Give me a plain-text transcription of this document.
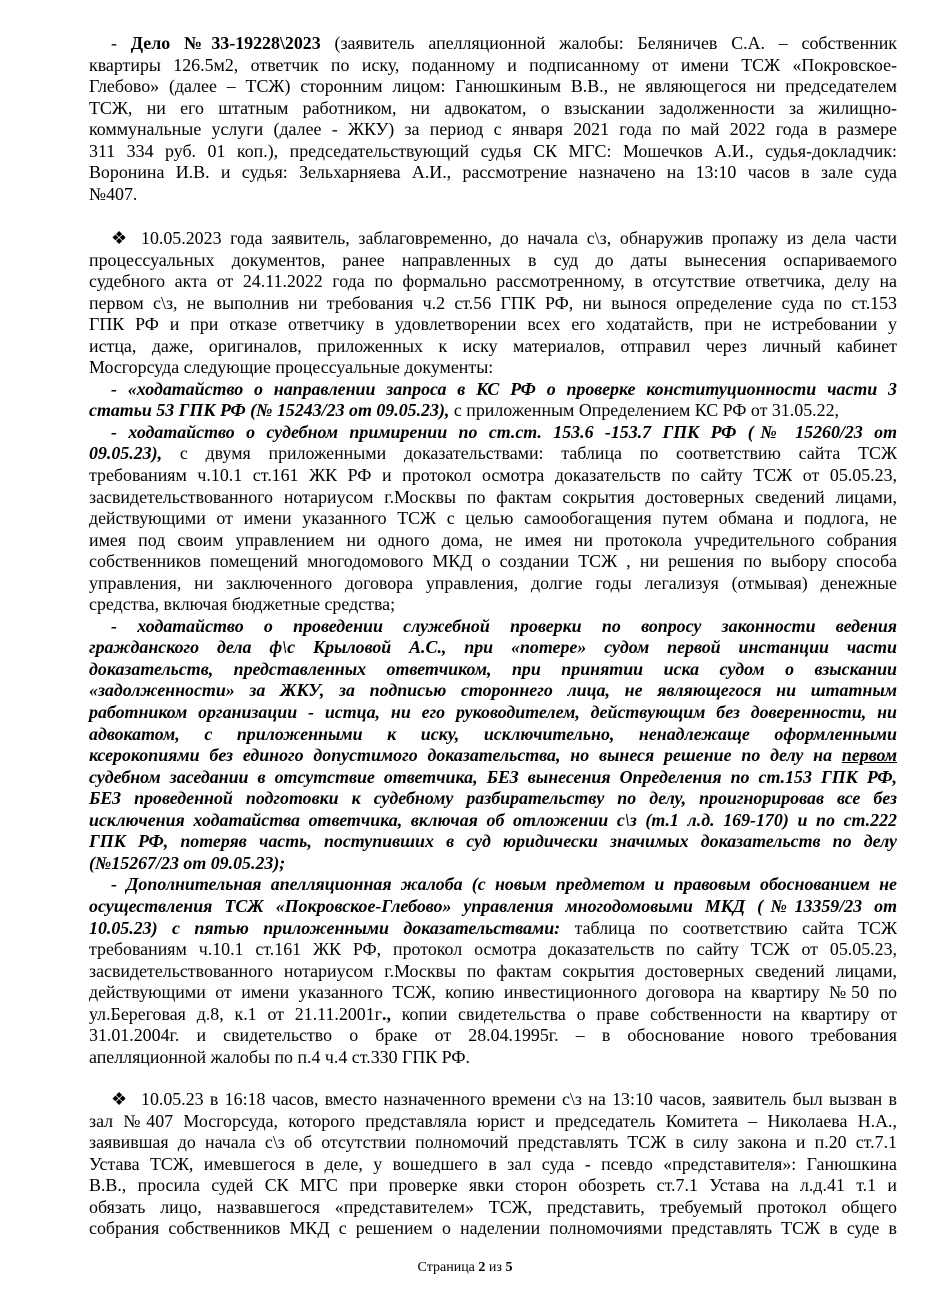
- Дело №33-19228\2023 (заявитель апелляционной жалобы: Беляничев С.А. – собственник
квартиры 126.5м2, ответчик по иску, поданному и подписанному от имени ТСЖ «Покровское-
Глебово» (далее – ТСЖ) сторонним лицом: Ганюшкиным В.В., не являющегося ни председателем
ТСЖ, ни его штатным работником, ни адвокатом, о взыскании задолженности за жилищно-
коммунальные услуги (далее - ЖКУ) за период с января 2021 года по май 2022 года в размере
311 334 руб. 01 коп.), председательствующий судья СК МГС: Мошечков А.И., судья-докладчик:
Воронина И.В. и судья: Зельхарняева А.И., рассмотрение назначено на 13:10 часов в зале суда
№407.
❖ 10.05.2023 года заявитель, заблаговременно, до начала с\з, обнаружив пропажу из дела части
процессуальных документов, ранее направленных в суд до даты вынесения оспариваемого
судебного акта от 24.11.2022 года по формально рассмотренному, в отсутствие ответчика, делу на
первом с\з, не выполнив ни требования ч.2 ст.56 ГПК РФ, ни вынося определение суда по ст.153
ГПК РФ и при отказе ответчику в удовлетворении всех его ходатайств, при не истребовании у
истца, даже, оригиналов, приложенных к иску материалов, отправил через личный кабинет
Мосгорсуда следующие процессуальные документы:
- «ходатайство о направлении запроса в КС РФ о проверке конституционности части 3
статьи 53 ГПК РФ (№ 15243/23 от 09.05.23), с приложенным Определением КС РФ от 31.05.22,
- ходатайство о судебном примирении по ст.ст. 153.6 -153.7 ГПК РФ (№ 15260/23 от
09.05.23), с двумя приложенными доказательствами: таблица по соответствию сайта ТСЖ
требованиям ч.10.1 ст.161 ЖК РФ и протокол осмотра доказательств по сайту ТСЖ от 05.05.23,
засвидетельствованного нотариусом г.Москвы по фактам сокрытия достоверных сведений лицами,
действующими от имени указанного ТСЖ с целью самообогащения путем обмана и подлога, не
имея под своим управлением ни одного дома, не имея ни протокола учредительного собрания
собственников помещений многодомового МКД о создании ТСЖ , ни решения по выбору способа
управления, ни заключенного договора управления, долгие годы легализуя (отмывая) денежные
средства, включая бюджетные средства;
- ходатайство о проведении служебной проверки по вопросу законности ведения
гражданского дела ф\с Крыловой А.С., при «потере» судом первой инстанции части
доказательств, представленных ответчиком, при принятии иска судом о взыскании
«задолженности» за ЖКУ, за подписью стороннего лица, не являющегося ни штатным
работником организации - истца, ни его руководителем, действующим без доверенности, ни
адвокатом, с приложенными к иску, исключительно, ненадлежаще оформленными
ксерокопиями без единого допустимого доказательства, но вынеся решение по делу на первом
судебном заседании в отсутствие ответчика, БЕЗ вынесения Определения по ст.153 ГПК РФ,
БЕЗ проведенной подготовки к судебному разбирательству по делу, проигнорировав все без
исключения ходатайства ответчика, включая об отложении с\з (т.1 л.д. 169-170) и по ст.222
ГПК РФ, потеряв часть, поступивших в суд юридически значимых доказательств по делу
(№15267/23 от 09.05.23);
- Дополнительная апелляционная жалоба (с новым предметом и правовым обоснованием не
осуществления ТСЖ «Покровское-Глебово» управления многодомовыми МКД (№13359/23 от
10.05.23) с пятью приложенными доказательствами: таблица по соответствию сайта ТСЖ
требованиям ч.10.1 ст.161 ЖК РФ, протокол осмотра доказательств по сайту ТСЖ от 05.05.23,
засвидетельствованного нотариусом г.Москвы по фактам сокрытия достоверных сведений лицами,
действующими от имени указанного ТСЖ, копию инвестиционного договора на квартиру №50 по
ул.Береговая д.8, к.1 от 21.11.2001г., копии свидетельства о праве собственности на квартиру от
31.01.2004г. и свидетельство о браке от 28.04.1995г. – в обоснование нового требования
апелляционной жалобы по п.4 ч.4 ст.330 ГПК РФ.
❖ 10.05.23 в 16:18 часов, вместо назначенного времени с\з на 13:10 часов, заявитель был вызван в
зал №407 Мосгорсуда, которого представляла юрист и председатель Комитета – Николаева Н.А.,
заявившая до начала с\з об отсутствии полномочий представлять ТСЖ в силу закона и п.20 ст.7.1
Устава ТСЖ, имевшегося в деле, у вошедшего в зал суда - псевдо «представителя»: Ганюшкина
В.В., просила судей СК МГС при проверке явки сторон обозреть ст.7.1 Устава на л.д.41 т.1 и
обязать лицо, назвавшегося «представителем» ТСЖ, представить, требуемый протокол общего
собрания собственников МКД с решением о наделении полномочиями представлять ТСЖ в суде в
Страница 2 из 5
